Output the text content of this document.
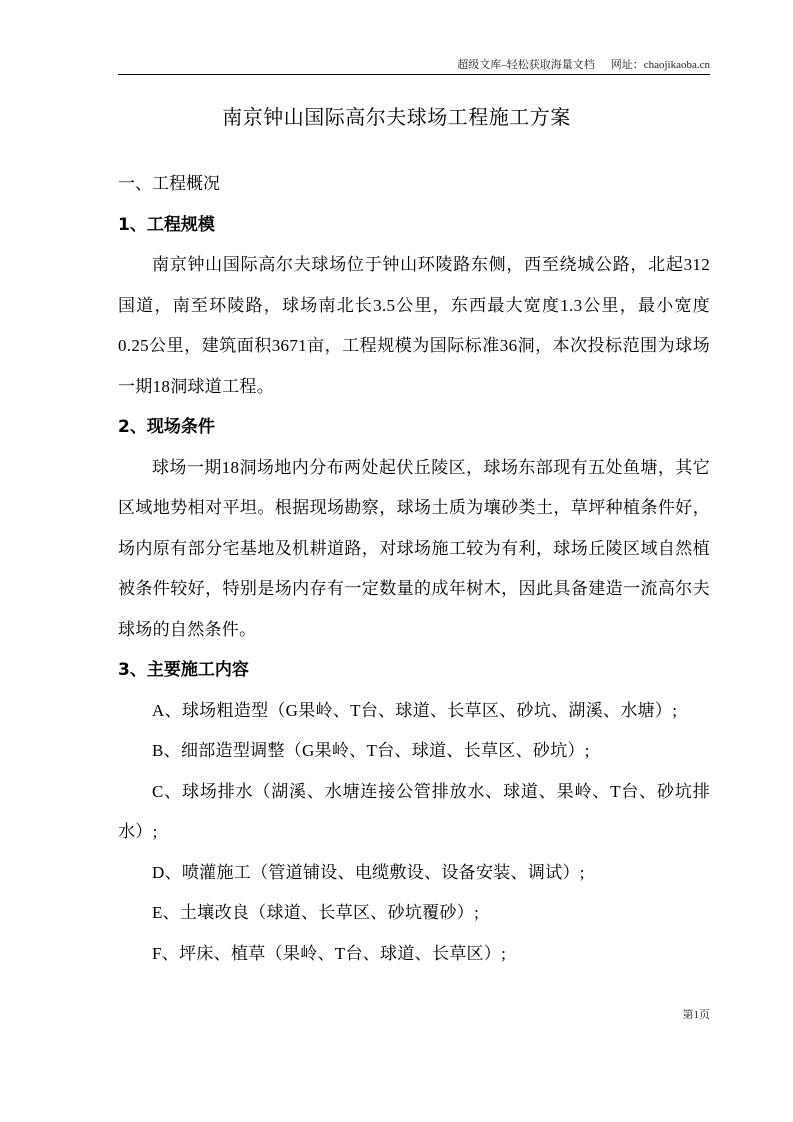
超级文库–轻松获取海量文档 网址：chaojikaoba.cn
南京钟山国际高尔夫球场工程施工方案

一、工程概况

1、工程规模

南京钟山国际高尔夫球场位于钟山环陵路东侧，西至绕城公路，北起312国道，南至环陵路，球场南北长3.5公里，东西最大宽度1.3公里，最小宽度0.25公里，建筑面积3671亩，工程规模为国际标准36洞，本次投标范围为球场一期18洞球道工程。

2、现场条件

球场一期18洞场地内分布两处起伏丘陵区，球场东部现有五处鱼塘，其它区域地势相对平坦。根据现场勘察，球场土质为壤砂类土，草坪种植条件好，场内原有部分宅基地及机耕道路，对球场施工较为有利，球场丘陵区域自然植被条件较好，特别是场内存有一定数量的成年树木，因此具备建造一流高尔夫球场的自然条件。

3、主要施工内容

A、球场粗造型（G果岭、T台、球道、长草区、砂坑、湖溪、水塘）;

B、细部造型调整（G果岭、T台、球道、长草区、砂坑）;

C、球场排水（湖溪、水塘连接公管排放水、球道、果岭、T台、砂坑排水）;

D、喷灌施工（管道铺设、电缆敷设、设备安装、调试）;

E、土壤改良（球道、长草区、砂坑覆砂）;

F、坪床、植草（果岭、T台、球道、长草区）;

第1页
